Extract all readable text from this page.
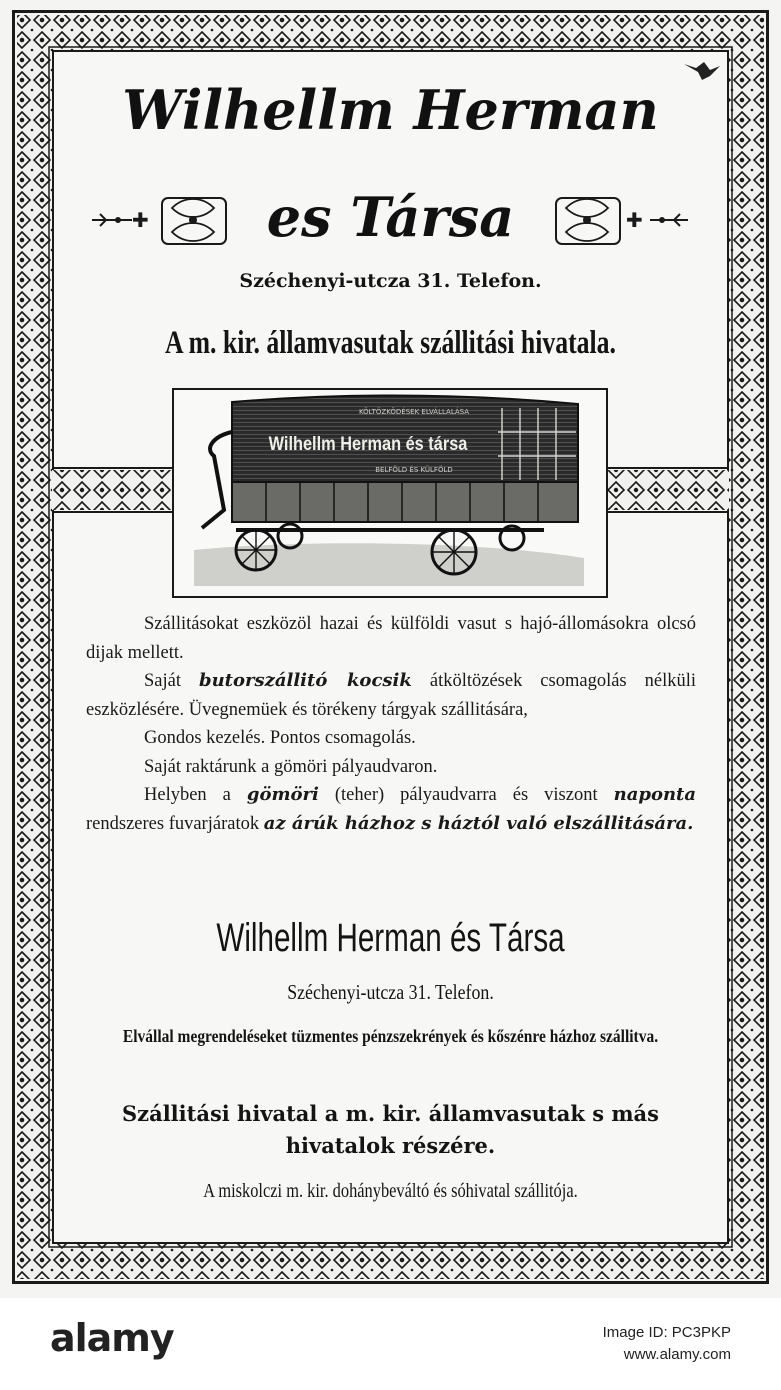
Wilhellm Herman
✚	es Társa	✚
Széchenyi-utcza 31. Telefon.
A m. kir. államvasutak szállitási hivatala.
KÖLTÖZKÖDÉSEK ELVÁLLALÁSA
BELFÖLD ÉS KÜLFÖLD
Wilhellm Herman és társa

Szállitásokat eszközöl hazai és külföldi vasut s hajó-állomásokra olcsó dijak mellett.

Saját butorszállitó kocsik átköltözések csomagolás nélküli eszközlésére. Üvegnemüek és törékeny tárgyak szállitására,

Gondos kezelés. Pontos csomagolás.

Saját raktárunk a gömöri pályaudvaron.

Helyben a gömöri (teher) pályaudvarra és viszont naponta rendszeres fuvarjáratok az árúk házhoz s háztól való elszállitására.

Wilhellm Herman és Társa
Széchenyi-utcza 31. Telefon.
Elvállal megrendeléseket tüzmentes pénzszekrények és kőszénre házhoz szállitva.
Szállitási hivatal a m. kir. államvasutak s más hivatalok részére.
A miskolczi m. kir. dohánybeváltó és sóhivatal szállitója.
alamy	Image ID: PC3PKP
www.alamy.com
